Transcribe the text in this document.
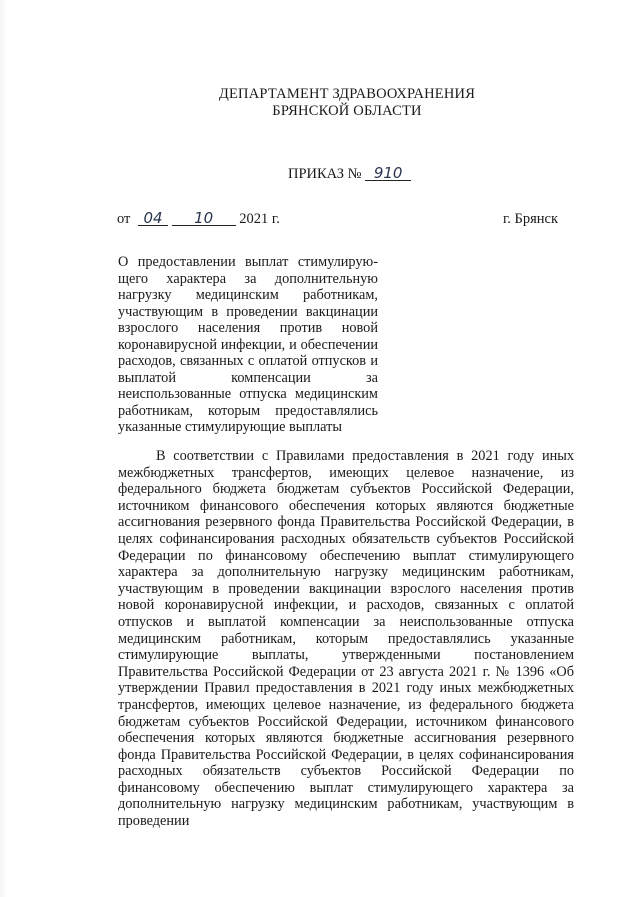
ДЕПАРТАМЕНТ ЗДРАВООХРАНЕНИЯ
БРЯНСКОЙ ОБЛАСТИ
ПРИКАЗ № 910
от 04 10 2021 г.	г. Брянск
О предоставлении выплат стимулирующего характера за дополнительную нагрузку медицинским работникам, участвующим в проведении вакцинации взрослого населения против новой коронавирусной инфекции, и обеспечении расходов, связанных с оплатой отпусков и выплатой компенсации за неиспользованные отпуска медицинским работникам, которым предоставлялись указанные стимулирующие выплаты
В соответствии с Правилами предоставления в 2021 году иных межбюджетных трансфертов, имеющих целевое назначение, из федерального бюджета бюджетам субъектов Российской Федерации, источником финансового обеспечения которых являются бюджетные ассигнования резервного фонда Правительства Российской Федерации, в целях софинансирования расходных обязательств субъектов Российской Федерации по финансовому обеспечению выплат стимулирующего характера за дополнительную нагрузку медицинским работникам, участвующим в проведении вакцинации взрослого населения против новой коронавирусной инфекции, и расходов, связанных с оплатой отпусков и выплатой компенсации за неиспользованные отпуска медицинским работникам, которым предоставлялись указанные стимулирующие выплаты, утвержденными постановлением Правительства Российской Федерации от 23 августа 2021 г. № 1396 «Об утверждении Правил предоставления в 2021 году иных межбюджетных трансфертов, имеющих целевое назначение, из федерального бюджета бюджетам субъектов Российской Федерации, источником финансового обеспечения которых являются бюджетные ассигнования резервного фонда Правительства Российской Федерации, в целях софинансирования расходных обязательств субъектов Российской Федерации по финансовому обеспечению выплат стимулирующего характера за дополнительную нагрузку медицинским работникам, участвующим в проведении
